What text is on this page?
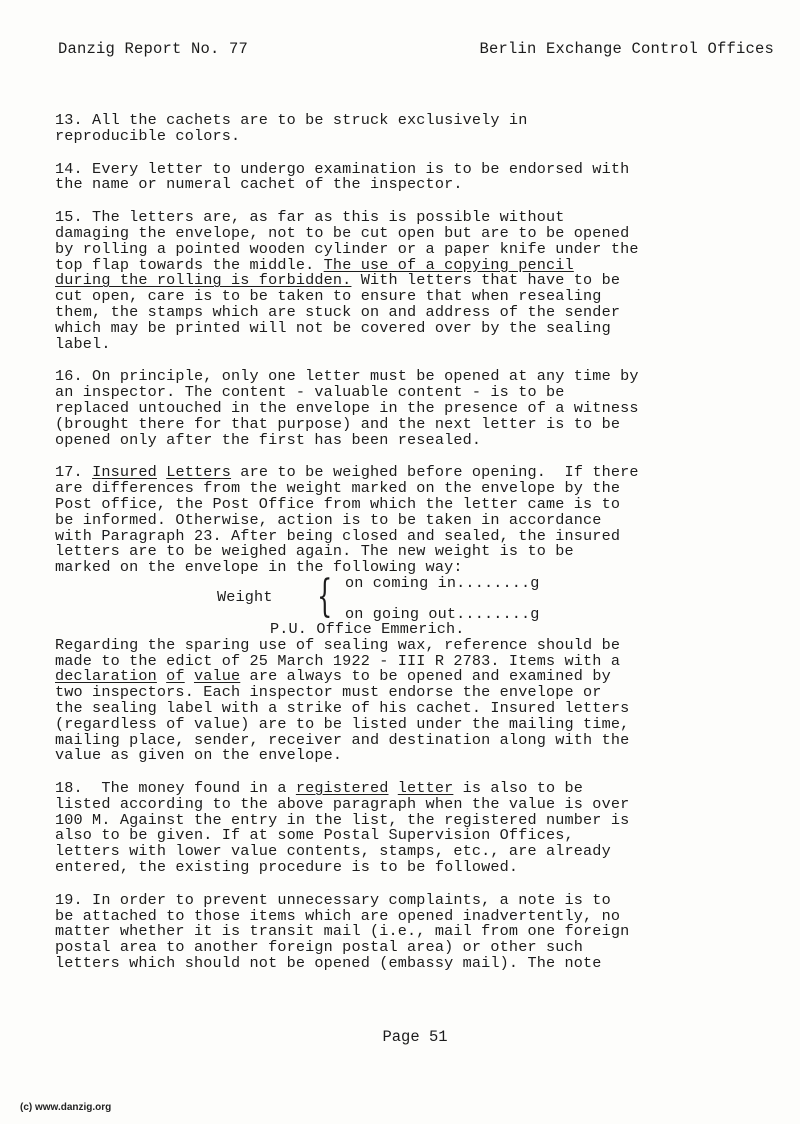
Danzig Report No. 77	Berlin Exchange Control Offices
13. All the cachets are to be struck exclusively in
reproducible colors.
14. Every letter to undergo examination is to be endorsed with
the name or numeral cachet of the inspector.
15. The letters are, as far as this is possible without
damaging the envelope, not to be cut open but are to be opened
by rolling a pointed wooden cylinder or a paper knife under the
top flap towards the middle. The use of a copying pencil
during the rolling is forbidden. With letters that have to be
cut open, care is to be taken to ensure that when resealing
them, the stamps which are stuck on and address of the sender
which may be printed will not be covered over by the sealing
label.
16. On principle, only one letter must be opened at any time by
an inspector. The content - valuable content - is to be
replaced untouched in the envelope in the presence of a witness
(brought there for that purpose) and the next letter is to be
opened only after the first has been resealed.
17. Insured Letters are to be weighed before opening.  If there
are differences from the weight marked on the envelope by the
Post office, the Post Office from which the letter came is to
be informed. Otherwise, action is to be taken in accordance
with Paragraph 23. After being closed and sealed, the insured
letters are to be weighed again. The new weight is to be
marked on the envelope in the following way:
Weight { on coming in........g
on going out........g
P.U. Office Emmerich.
Regarding the sparing use of sealing wax, reference should be
made to the edict of 25 March 1922 - III R 2783. Items with a
declaration of value are always to be opened and examined by
two inspectors. Each inspector must endorse the envelope or
the sealing label with a strike of his cachet. Insured letters
(regardless of value) are to be listed under the mailing time,
mailing place, sender, receiver and destination along with the
value as given on the envelope.
18.  The money found in a registered letter is also to be
listed according to the above paragraph when the value is over
100 M. Against the entry in the list, the registered number is
also to be given. If at some Postal Supervision Offices,
letters with lower value contents, stamps, etc., are already
entered, the existing procedure is to be followed.
19. In order to prevent unnecessary complaints, a note is to
be attached to those items which are opened inadvertently, no
matter whether it is transit mail (i.e., mail from one foreign
postal area to another foreign postal area) or other such
letters which should not be opened (embassy mail). The note
Page 51
(c) www.danzig.org
